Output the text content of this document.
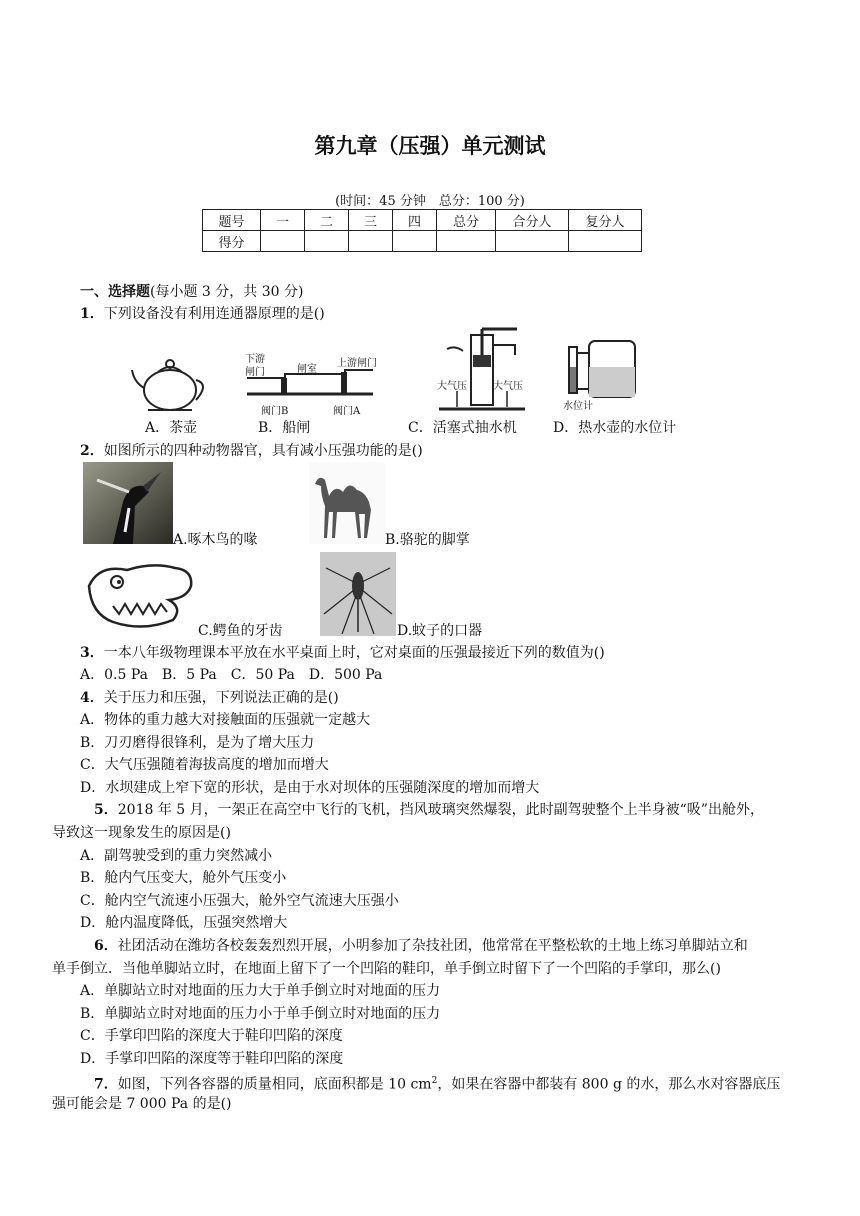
第九章（压强）单元测试
(时间：45 分钟　总分：100 分)
题号	一	二	三	四	总分	合分人	复分人
得分							
一、选择题(每小题 3 分，共 30 分)
1．下列设备没有利用连通器原理的是()
下游
闸门	闸室
上游闸门
阀门B	阀门A
大气压	大气压
水位计
A．茶壶	B．船闸	C．活塞式抽水机	D．热水壶的水位计
2．如图所示的四种动物器官，具有减小压强功能的是()
A.啄木鸟的喙	B.骆驼的脚掌
C.鳄鱼的牙齿	D.蚊子的口器
3．一本八年级物理课本平放在水平桌面上时，它对桌面的压强最接近下列的数值为()
A．0.5 Pa　B．5 Pa　C．50 Pa　D．500 Pa
4．关于压力和压强，下列说法正确的是()
A．物体的重力越大对接触面的压强就一定越大
B．刀刃磨得很锋利，是为了增大压力
C．大气压强随着海拔高度的增加而增大
D．水坝建成上窄下宽的形状，是由于水对坝体的压强随深度的增加而增大
5．2018 年 5 月，一架正在高空中飞行的飞机，挡风玻璃突然爆裂，此时副驾驶整个上半身被“吸”出舱外，
导致这一现象发生的原因是()
A．副驾驶受到的重力突然减小
B．舱内气压变大，舱外气压变小
C．舱内空气流速小压强大，舱外空气流速大压强小
D．舱内温度降低，压强突然增大
6．社团活动在潍坊各校轰轰烈烈开展，小明参加了杂技社团，他常常在平整松软的土地上练习单脚站立和
单手倒立．当他单脚站立时，在地面上留下了一个凹陷的鞋印，单手倒立时留下了一个凹陷的手掌印，那么()
A．单脚站立时对地面的压力大于单手倒立时对地面的压力
B．单脚站立时对地面的压力小于单手倒立时对地面的压力
C．手掌印凹陷的深度大于鞋印凹陷的深度
D．手掌印凹陷的深度等于鞋印凹陷的深度
7．如图，下列各容器的质量相同，底面积都是 10 $cm^2$，如果在容器中都装有 800 g 的水，那么水对容器底压
强可能会是 7 000 Pa 的是()
